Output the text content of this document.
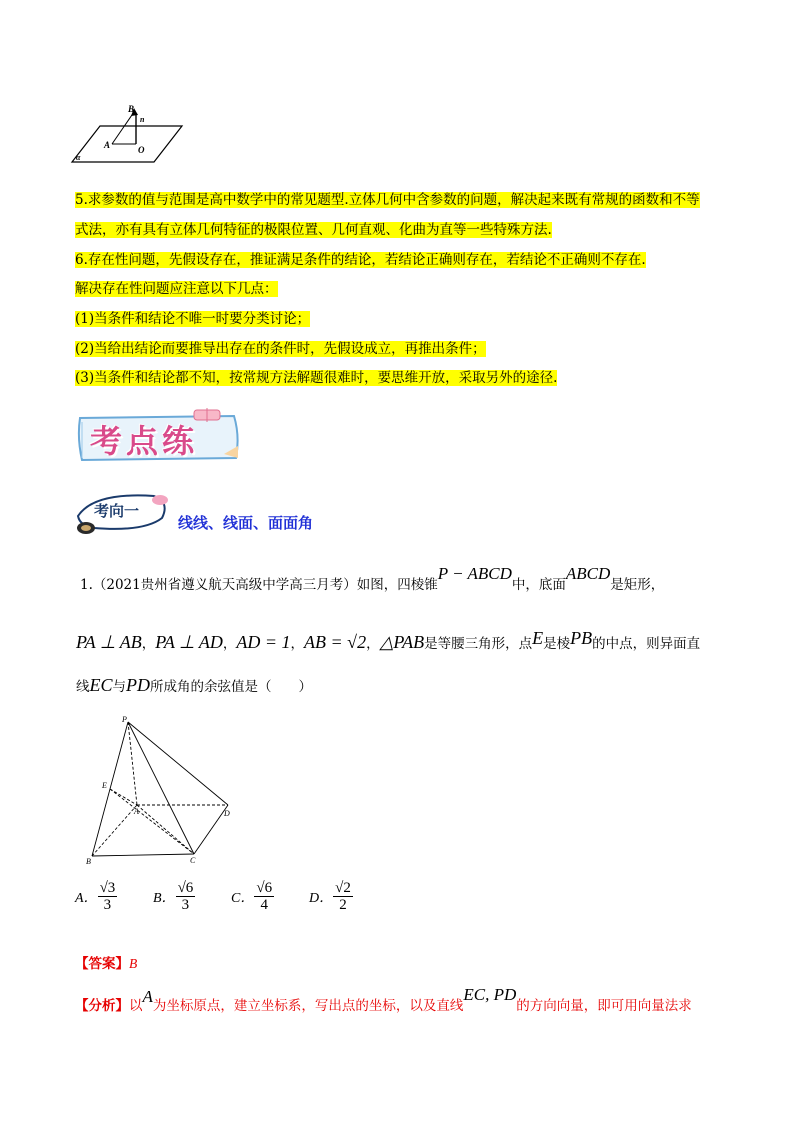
B
n
A	O
α
5.求参数的值与范围是高中数学中的常见题型.立体几何中含参数的问题，解决起来既有常规的函数和不等
式法，亦有具有立体几何特征的极限位置、几何直观、化曲为直等一些特殊方法.
6.存在性问题，先假设存在，推证满足条件的结论，若结论正确则存在，若结论不正确则不存在.
解决存在性问题应注意以下几点：
(1)当条件和结论不唯一时要分类讨论；
(2)当给出结论而要推导出存在的条件时，先假设成立，再推出条件；
(3)当条件和结论都不知，按常规方法解题很难时，要思维开放，采取另外的途径.
考点练
考向一
线线、线面、面面角
1.（2021贵州省遵义航天高级中学高三月考）如图，四棱锥P − ABCD中，底面ABCD是矩形，
PA ⊥ AB，PA ⊥ AD，AD = 1，AB = √2，△PAB是等腰三角形，点E是棱PB的中点，则异面直
线EC与PD所成角的余弦值是（　　）
P
E
A	D
B	C
A． $\frac{√3}{3}$	B． $\frac{√6}{3}$	C． $\frac{√6}{4}$ D． $\frac{√2}{2}$
【答案】B
【分析】以A为坐标原点，建立坐标系，写出点的坐标，以及直线EC, PD的方向向量，即可用向量法求
